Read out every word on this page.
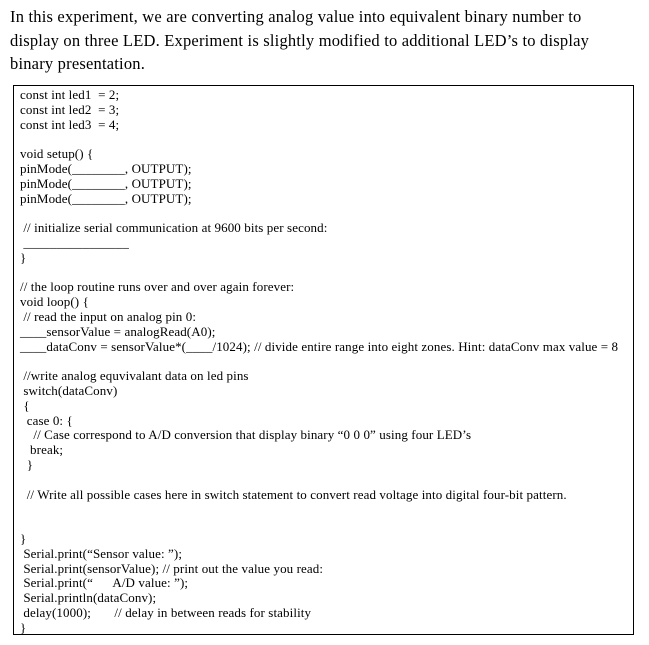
In this experiment, we are converting analog value into equivalent binary number to
display on three LED. Experiment is slightly modified to additional LED’s to display
binary presentation.
const int led1  = 2;
const int led2  = 3;
const int led3  = 4;
void setup() {
pinMode(________, OUTPUT);
pinMode(________, OUTPUT);
pinMode(________, OUTPUT);
// initialize serial communication at 9600 bits per second:
________________
}
// the loop routine runs over and over again forever:
void loop() {
// read the input on analog pin 0:
____sensorValue = analogRead(A0);
____dataConv = sensorValue*(____/1024); // divide entire range into eight zones. Hint: dataConv max value = 8
//write analog equvivalant data on led pins
switch(dataConv)
{
case 0: {
// Case correspond to A/D conversion that display binary “0 0 0” using four LED’s
break;
}
// Write all possible cases here in switch statement to convert read voltage into digital four-bit pattern.
}
Serial.print(“Sensor value: ”);
Serial.print(sensorValue); // print out the value you read:
Serial.print(“      A/D value: ”);
Serial.println(dataConv);
delay(1000);       // delay in between reads for stability
}
